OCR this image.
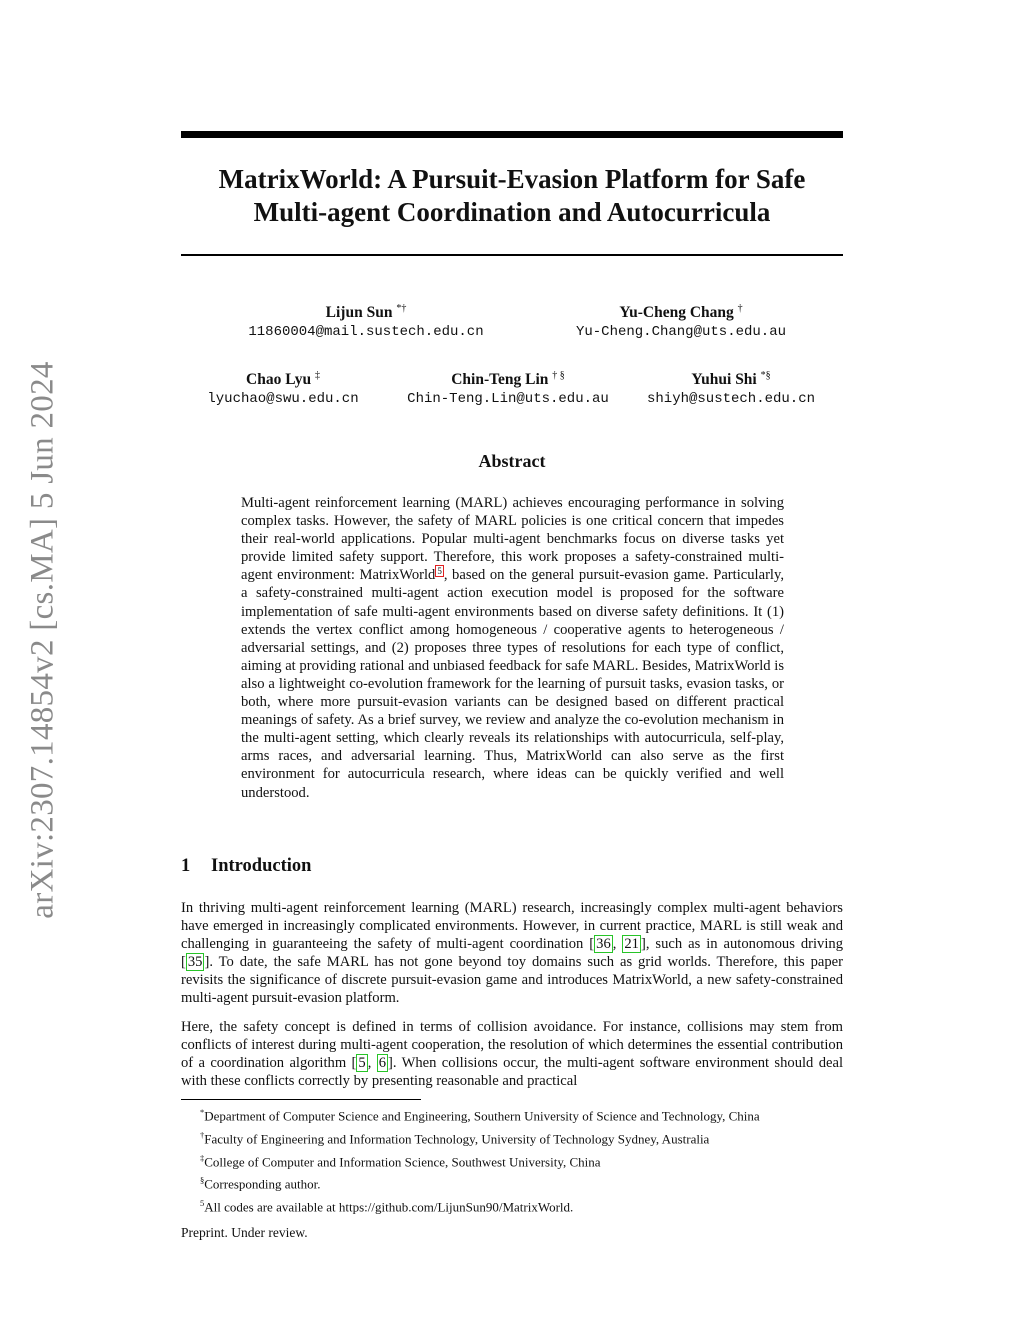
arXiv:2307.14854v2 [cs.MA] 5 Jun 2024
MatrixWorld: A Pursuit-Evasion Platform for Safe
Multi-agent Coordination and Autocurricula
Lijun Sun *†
11860004@mail.sustech.edu.cn
Yu-Cheng Chang †
Yu-Cheng.Chang@uts.edu.au
Chao Lyu ‡
lyuchao@swu.edu.cn
Chin-Teng Lin † §
Chin-Teng.Lin@uts.edu.au
Yuhui Shi *§
shiyh@sustech.edu.cn
Abstract
Multi-agent reinforcement learning (MARL) achieves encouraging performance in solving complex tasks. However, the safety of MARL policies is one critical concern that impedes their real-world applications. Popular multi-agent benchmarks focus on diverse tasks yet provide limited safety support. Therefore, this work proposes a safety-constrained multi-agent environment: MatrixWorld $^5$ , based on the general pursuit-evasion game. Particularly, a safety-constrained multi-agent action execution model is proposed for the software implementation of safe multi-agent environments based on diverse safety definitions. It (1) extends the vertex conflict among homogeneous / cooperative agents to heterogeneous / adversarial settings, and (2) proposes three types of resolutions for each type of conflict, aiming at providing rational and unbiased feedback for safe MARL. Besides, MatrixWorld is also a lightweight co-evolution framework for the learning of pursuit tasks, evasion tasks, or both, where more pursuit-evasion variants can be designed based on different practical meanings of safety. As a brief survey, we review and analyze the co-evolution mechanism in the multi-agent setting, which clearly reveals its relationships with autocurricula, self-play, arms races, and adversarial learning. Thus, MatrixWorld can also serve as the first environment for autocurricula research, where ideas can be quickly verified and well understood.
1 Introduction
In thriving multi-agent reinforcement learning (MARL) research, increasingly complex multi-agent behaviors have emerged in increasingly complicated environments. However, in current practice, MARL is still weak and challenging in guaranteeing the safety of multi-agent coordination [ 36 , 21 ], such as in autonomous driving [ 35 ]. To date, the safe MARL has not gone beyond toy domains such as grid worlds. Therefore, this paper revisits the significance of discrete pursuit-evasion game and introduces MatrixWorld, a new safety-constrained multi-agent pursuit-evasion platform.
Here, the safety concept is defined in terms of collision avoidance. For instance, collisions may stem from conflicts of interest during multi-agent cooperation, the resolution of which determines the essential contribution of a coordination algorithm [ 5 , 6 ]. When collisions occur, the multi-agent software environment should deal with these conflicts correctly by presenting reasonable and practical
*Department of Computer Science and Engineering, Southern University of Science and Technology, China
†Faculty of Engineering and Information Technology, University of Technology Sydney, Australia
‡College of Computer and Information Science, Southwest University, China
§Corresponding author.
$^5$All codes are available at https://github.com/LijunSun90/MatrixWorld.
Preprint. Under review.
